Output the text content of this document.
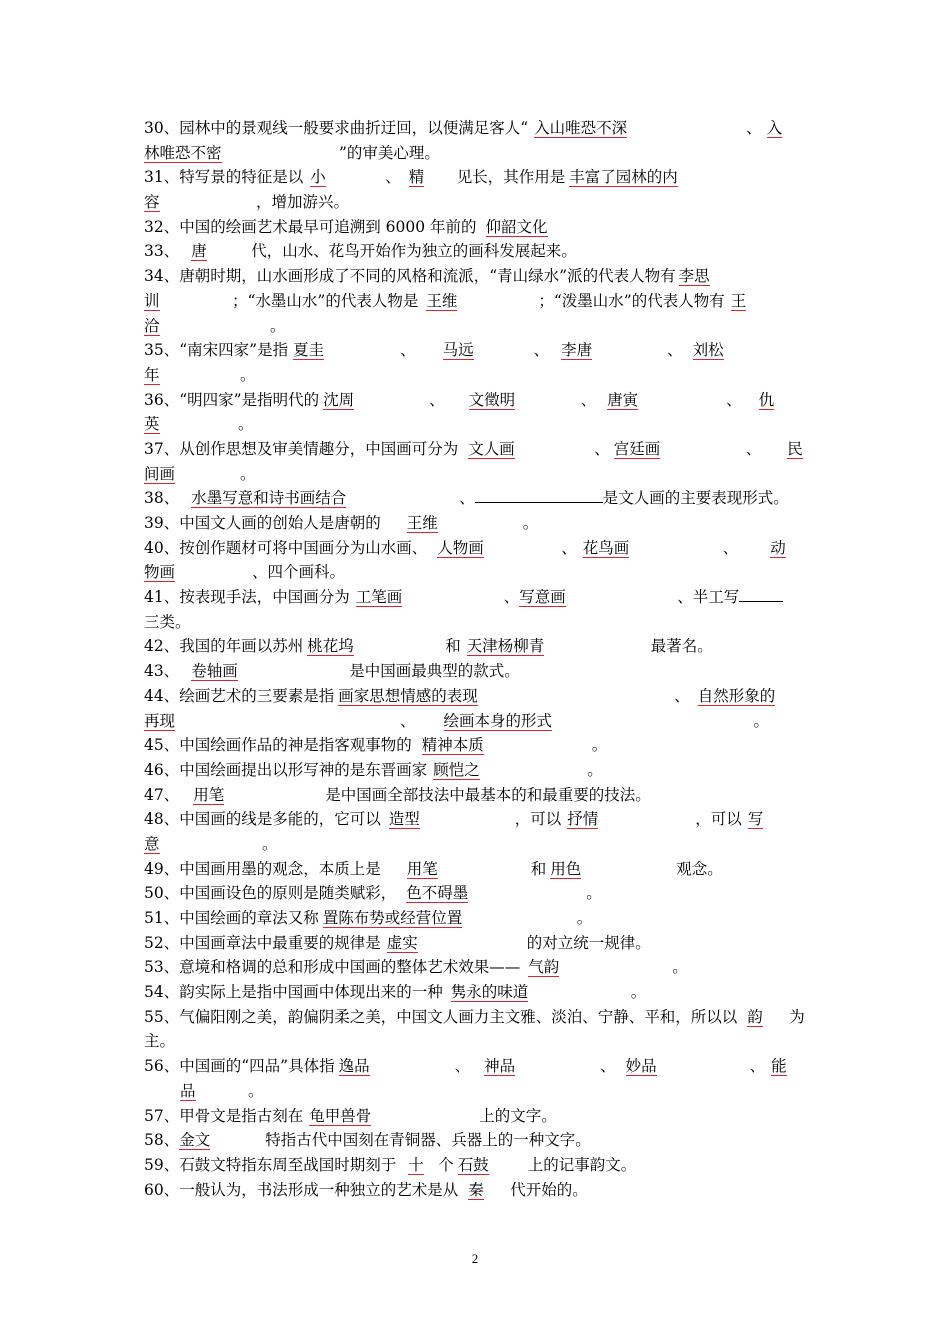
30、园林中的景观线一般要求曲折迂回，以便满足客人“ 入山唯恐不深	、 入
林唯恐不密	”的审美心理。
31、特写景的特征是以 小	、 精 见长，其作用是 丰富了园林的内
容	，增加游兴。
32、中国的绘画艺术最早可追溯到 6000 年前的 仰韶文化
33、 唐	代，山水、花鸟开始作为独立的画科发展起来。
34、唐朝时期，山水画形成了不同的风格和流派，“青山绿水”派的代表人物有 李思
训	；“水墨山水”的代表人物是 王维	；“泼墨山水”的代表人物有 王
洽	。
35、“南宋四家”是指 夏圭	、 马远	、 李唐	、 刘松
年	。
36、“明四家”是指明代的 沈周	、 文徵明	、 唐寅	、 仇
英	。
37、从创作思想及审美情趣分，中国画可分为 文人画	、 宫廷画	、 民
间画	。
38、 水墨写意和诗书画结合	、	是文人画的主要表现形式。
39、中国文人画的创始人是唐朝的 王维	。
40、按创作题材可将中国画分为山水画、 人物画	、 花鸟画	、 动
物画	、四个画科。
41、按表现手法，中国画分为 工笔画	、写意画	、半工写
三类。
42、我国的年画以苏州 桃花坞	和 天津杨柳青	最著名。
43、 卷轴画	是中国画最典型的款式。
44、绘画艺术的三要素是指 画家思想情感的表现	、 自然形象的
再现	、 绘画本身的形式	。
45、中国绘画作品的神是指客观事物的 精神本质	。
46、中国绘画提出以形写神的是东晋画家 顾恺之	。
47、 用笔	是中国画全部技法中最基本的和最重要的技法。
48、中国画的线是多能的，它可以 造型	，可以 抒情	，可以 写
意	。
49、中国画用墨的观念，本质上是 用笔	和 用色	观念。
50、中国画设色的原则是随类赋彩， 色不碍墨	。
51、中国绘画的章法又称 置陈布势或经营位置	。
52、中国画章法中最重要的规律是 虚实	的对立统一规律。
53、意境和格调的总和形成中国画的整体艺术效果—— 气韵	。
54、韵实际上是指中国画中体现出来的一种 隽永的味道	。
55、气偏阳刚之美，韵偏阴柔之美，中国文人画力主文雅、淡泊、宁静、平和，所以以 韵 为
主。
56、中国画的“四品”具体指 逸品	、 神品	、 妙品	、 能
品	。
57、甲骨文是指古刻在 龟甲兽骨	上的文字。
58、金文	特指古代中国刻在青铜器、兵器上的一种文字。
59、石鼓文特指东周至战国时期刻于 十 个 石鼓	上的记事韵文。
60、一般认为，书法形成一种独立的艺术是从 秦 代开始的。
2
